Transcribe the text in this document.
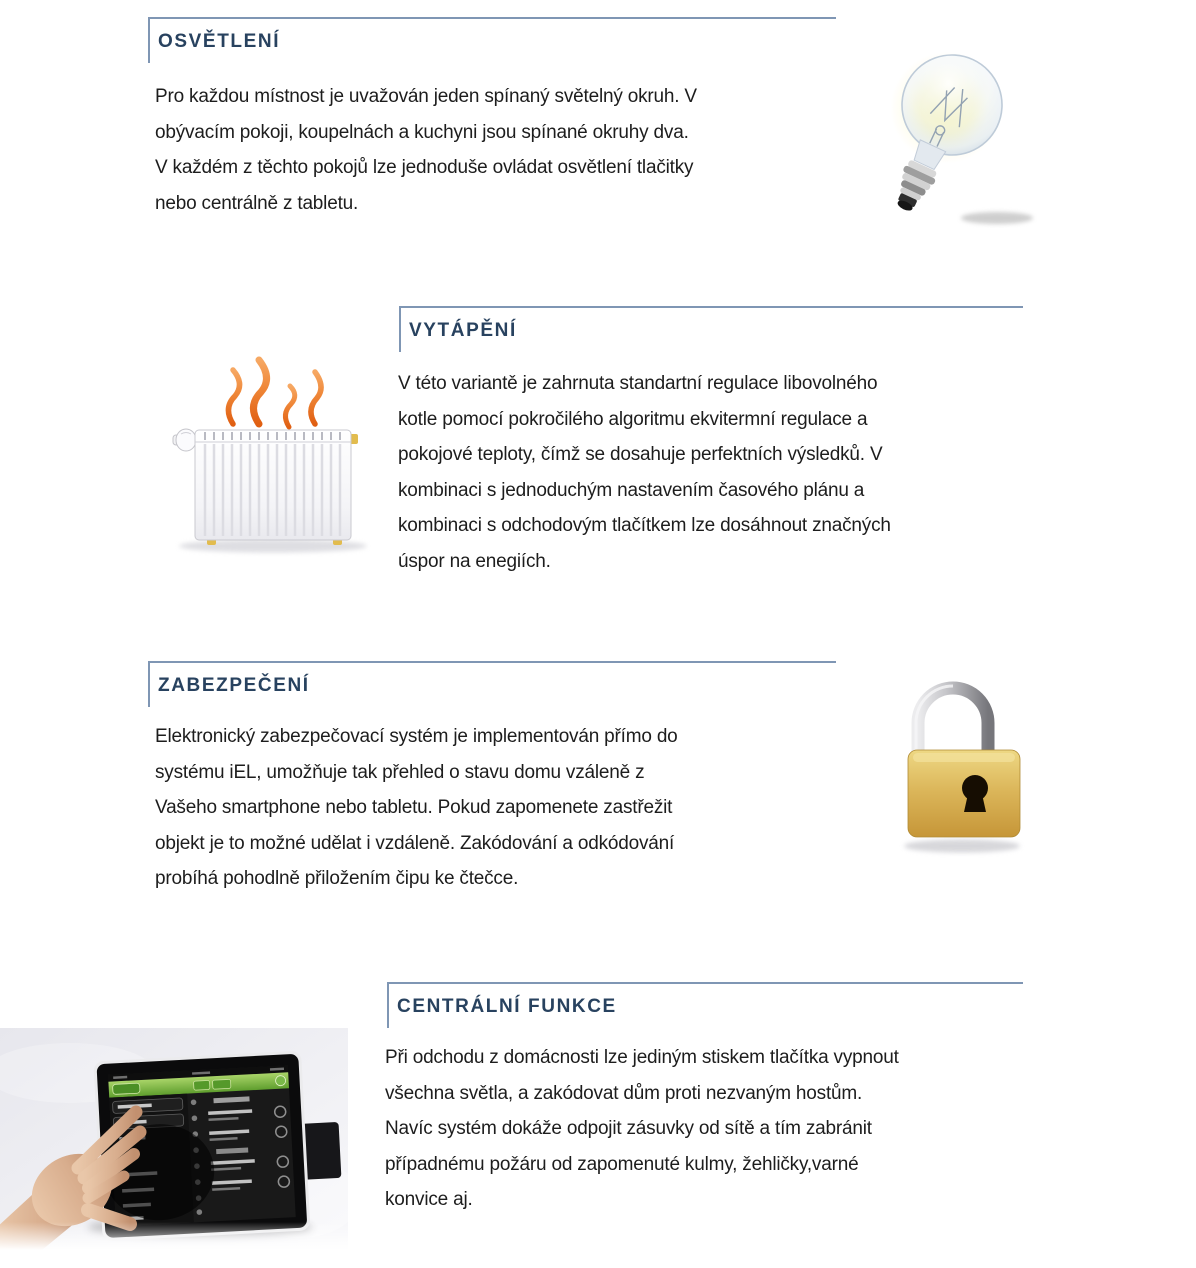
OSVĚTLENÍ
Pro každou místnost je uvažován jeden spínaný světelný okruh. V
obývacím pokoji, koupelnách a kuchyni jsou spínané okruhy dva.
V každém z těchto pokojů lze jednoduše ovládat osvětlení tlačitky
nebo centrálně z tabletu.
VYTÁPĚNÍ
V této variantě je zahrnuta standartní regulace libovolného
kotle pomocí pokročilého algoritmu ekvitermní regulace a
pokojové teploty, čímž se dosahuje perfektních výsledků. V
kombinaci s jednoduchým nastavením časového plánu a
kombinaci s odchodovým tlačítkem lze dosáhnout značných
úspor na enegiích.
ZABEZPEČENÍ
Elektronický zabezpečovací systém je implementován přímo do
systému iEL, umožňuje tak přehled o stavu domu vzáleně z
Vašeho smartphone nebo tabletu. Pokud zapomenete zastřežit
objekt je to možné udělat i vzdáleně. Zakódování a odkódování
probíhá pohodlně přiložením čipu ke čtečce.
CENTRÁLNÍ FUNKCE
Při odchodu z domácnosti lze jediným stiskem tlačítka vypnout
všechna světla, a zakódovat dům proti nezvaným hostům.
Navíc systém dokáže odpojit zásuvky od sítě a tím zabránit
případnému požáru od zapomenuté kulmy, žehličky,varné
konvice aj.
